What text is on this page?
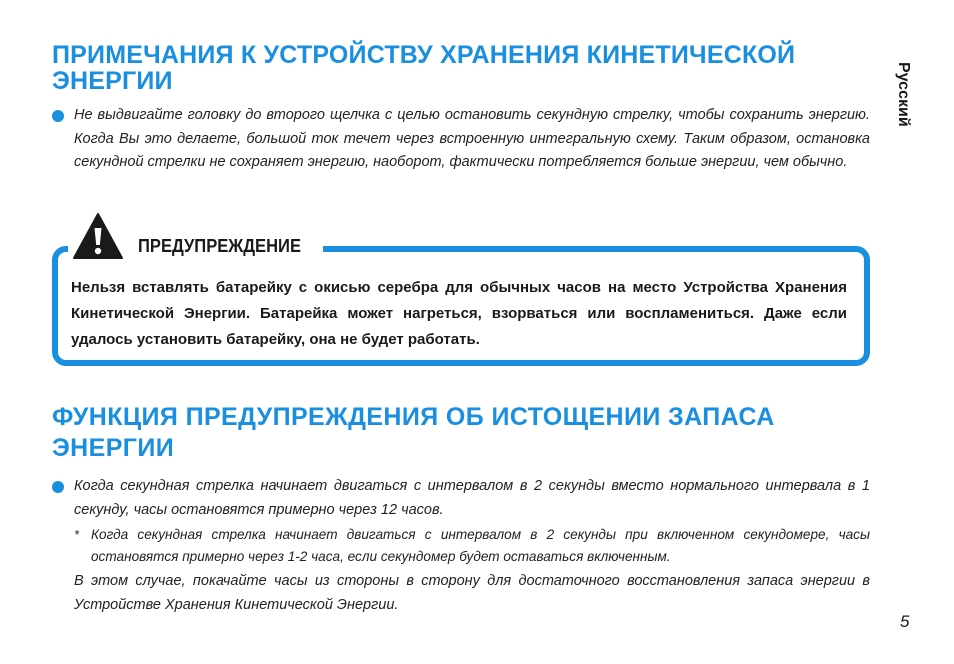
ПРИМЕЧАНИЯ К УСТРОЙСТВУ ХРАНЕНИЯ КИНЕТИЧЕСКОЙ ЭНЕРГИИ

Не выдвигайте головку до второго щелчка с целью остановить секундную стрелку, чтобы сохранить энергию. Когда Вы это делаете, большой ток течет через встроенную интегральную схему. Таким образом, остановка секундной стрелки не сохраняет энергию, наоборот, фактически потребляется больше энергии, чем обычно.

ПРЕДУПРЕЖДЕНИЕ

Нельзя вставлять батарейку с окисью серебра для обычных часов на место Устройства Хранения Кинетической Энергии. Батарейка может нагреться, взорваться или воспламениться. Даже если удалось установить батарейку, она не будет работать.

ФУНКЦИЯ ПРЕДУПРЕЖДЕНИЯ ОБ ИСТОЩЕНИИ ЗАПАСА ЭНЕРГИИ

Когда секундная стрелка начинает двигаться с интервалом в 2 секунды вместо нормального интервала в 1 секунду, часы остановятся примерно через 12 часов.

* Когда секундная стрелка начинает двигаться с интервалом в 2 секунды при включенном секундомере, часы остановятся примерно через 1-2 часа, если секундомер будет оставаться включенным.

В этом случае, покачайте часы из стороны в сторону для достаточного восстановления запаса энергии в Устройстве Хранения Кинетической Энергии.

Русский
5
